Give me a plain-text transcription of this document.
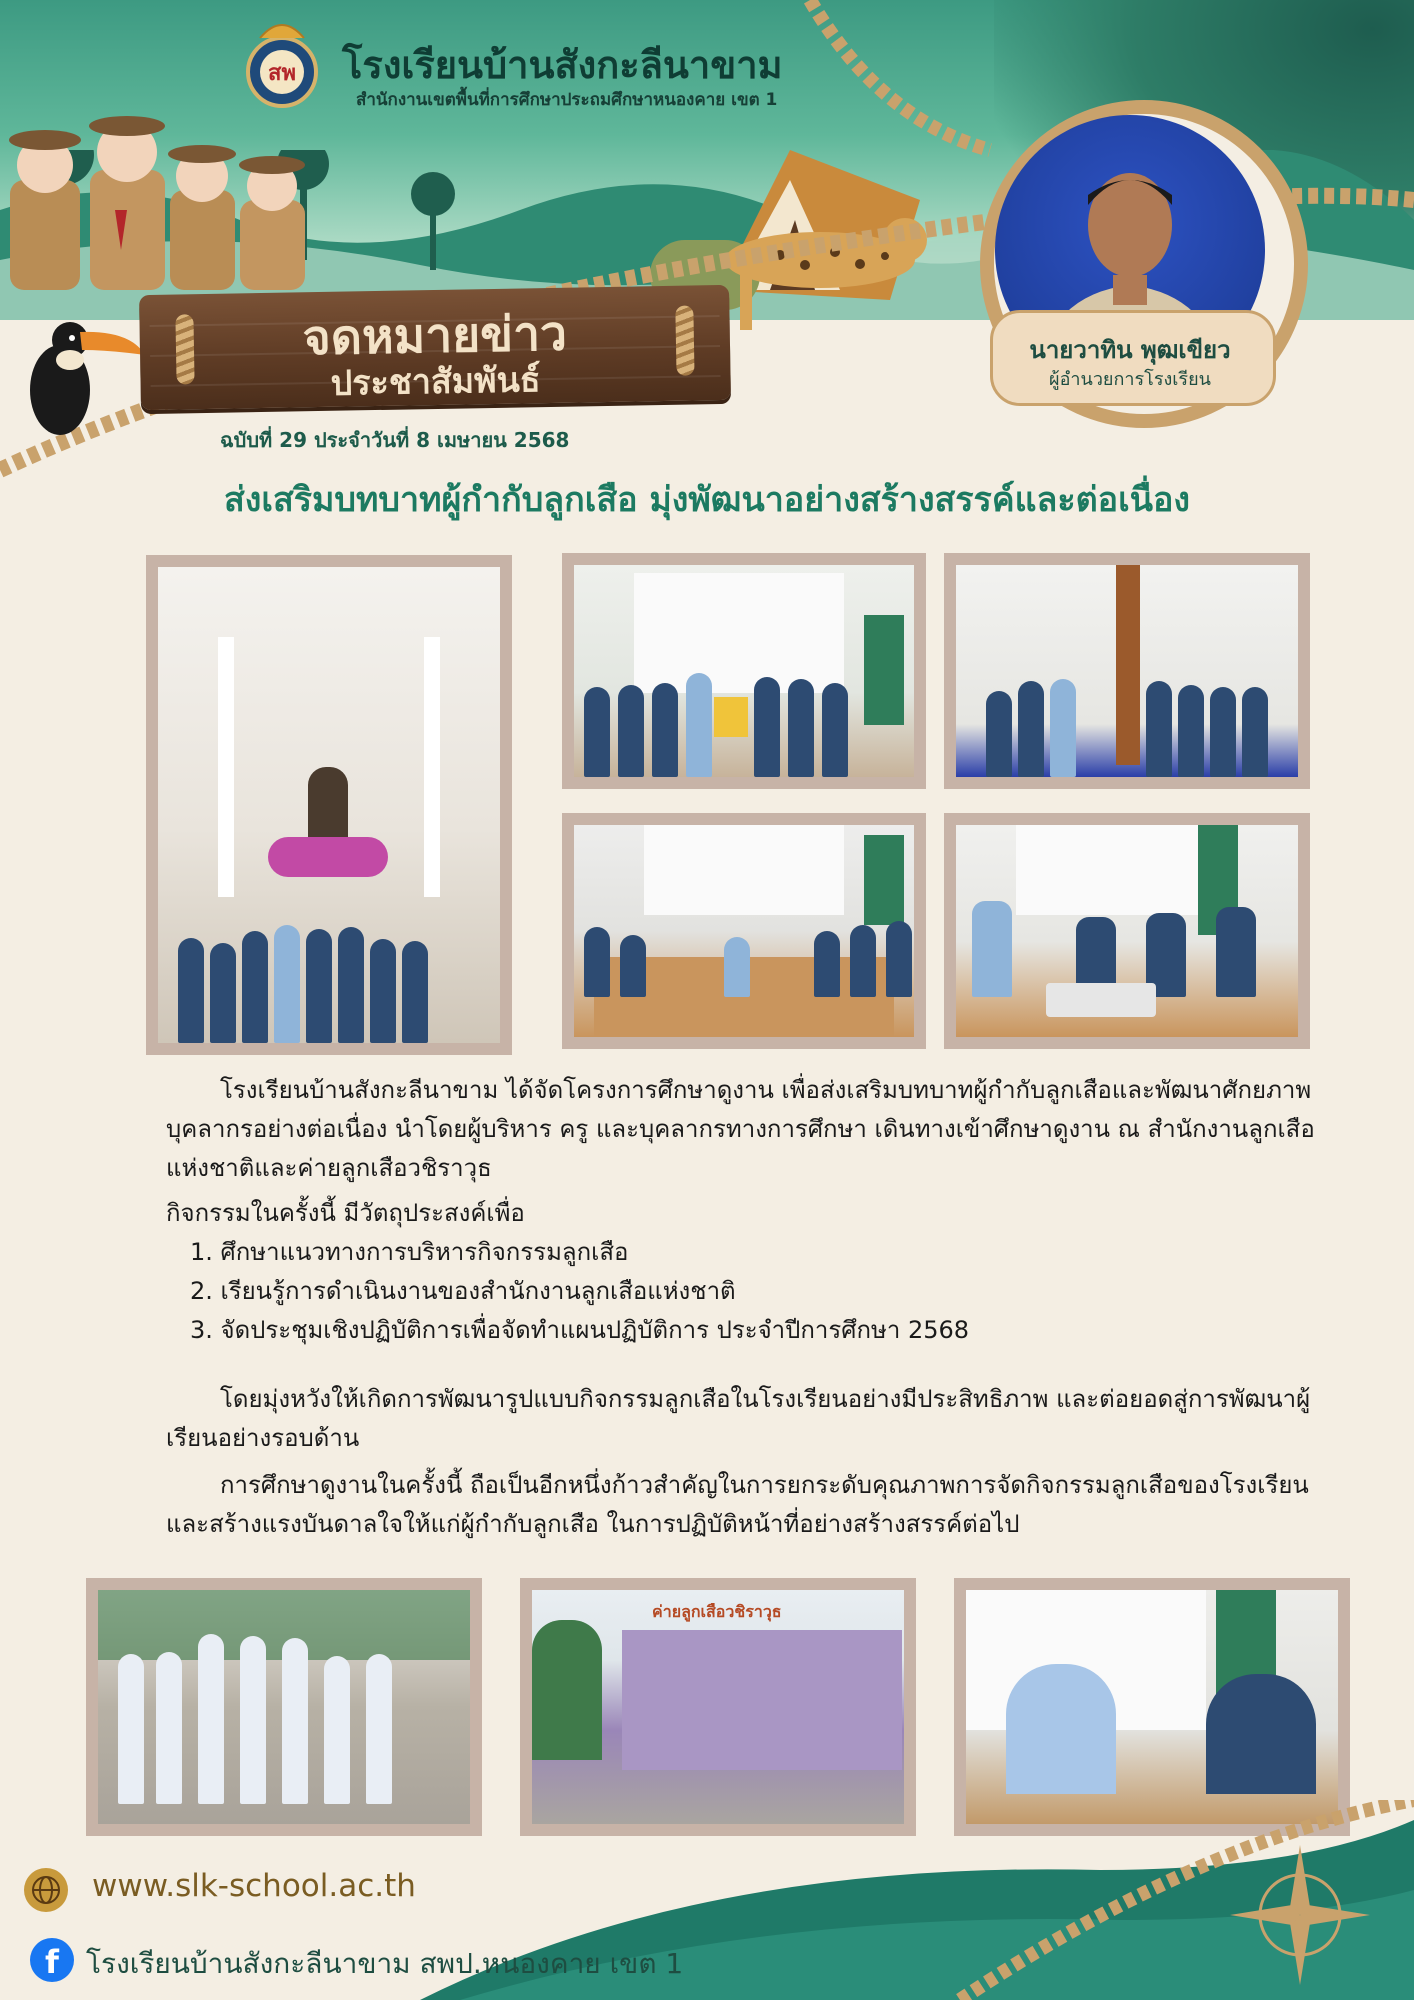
สพ โรงเรียนบ้านสังกะลีนาขาม
สำนักงานเขตพื้นที่การศึกษาประถมศึกษาหนองคาย เขต 1
จดหมายข่าว
ประชาสัมพันธ์
ฉบับที่ 29 ประจำวันที่ 8 เมษายน 2568
นายวาทิน พุฒเขียว
ผู้อำนวยการโรงเรียน
ส่งเสริมบทบาทผู้กำกับลูกเสือ มุ่งพัฒนาอย่างสร้างสรรค์และต่อเนื่อง

โรงเรียนบ้านสังกะลีนาขาม ได้จัดโครงการศึกษาดูงาน เพื่อส่งเสริมบทบาทผู้กำกับลูกเสือและพัฒนาศักยภาพบุคลากรอย่างต่อเนื่อง นำโดยผู้บริหาร ครู และบุคลากรทางการศึกษา เดินทางเข้าศึกษาดูงาน ณ สำนักงานลูกเสือแห่งชาติและค่ายลูกเสือวชิราวุธ

กิจกรรมในครั้งนี้ มีวัตถุประสงค์เพื่อ

1. ศึกษาแนวทางการบริหารกิจกรรมลูกเสือ
2. เรียนรู้การดำเนินงานของสำนักงานลูกเสือแห่งชาติ
3. จัดประชุมเชิงปฏิบัติการเพื่อจัดทำแผนปฏิบัติการ ประจำปีการศึกษา 2568

โดยมุ่งหวังให้เกิดการพัฒนารูปแบบกิจกรรมลูกเสือในโรงเรียนอย่างมีประสิทธิภาพ และต่อยอดสู่การพัฒนาผู้เรียนอย่างรอบด้าน

การศึกษาดูงานในครั้งนี้ ถือเป็นอีกหนึ่งก้าวสำคัญในการยกระดับคุณภาพการจัดกิจกรรมลูกเสือของโรงเรียน และสร้างแรงบันดาลใจให้แก่ผู้กำกับลูกเสือ ในการปฏิบัติหน้าที่อย่างสร้างสรรค์ต่อไป

ค่ายลูกเสือวชิราวุธ
www.slk-school.ac.th
f โรงเรียนบ้านสังกะลีนาขาม สพป.หนองคาย เขต 1
